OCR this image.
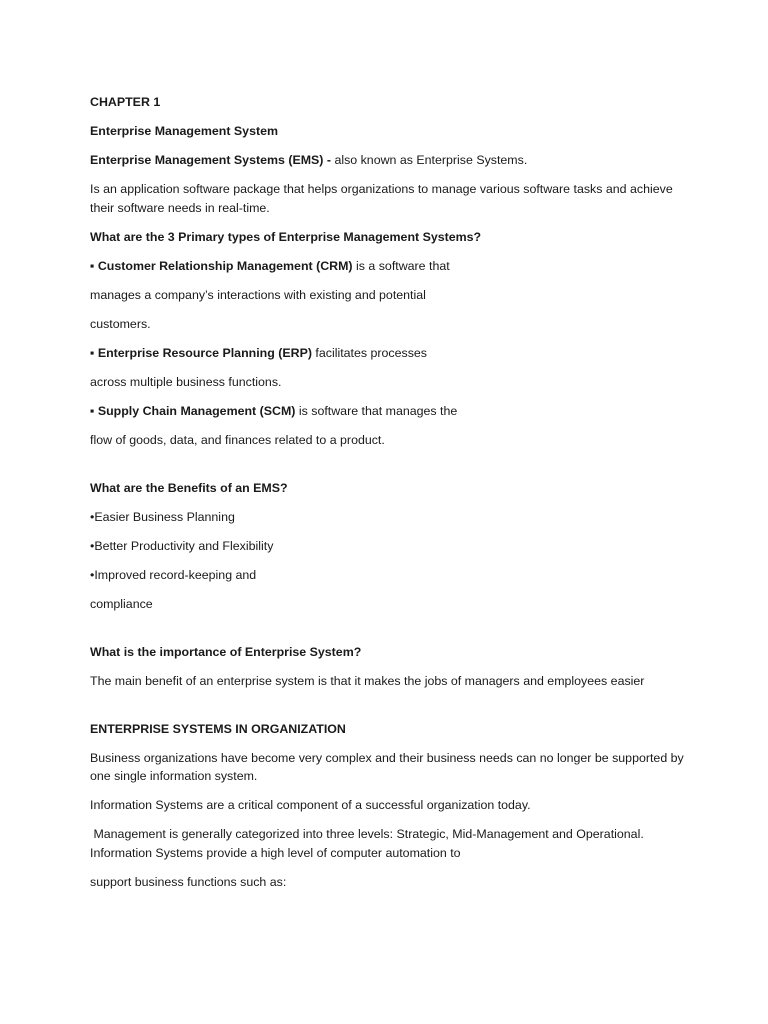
CHAPTER 1

Enterprise Management System

Enterprise Management Systems (EMS) - also known as Enterprise Systems.

Is an application software package that helps organizations to manage various software tasks and achieve their software needs in real-time.

What are the 3 Primary types of Enterprise Management Systems?

▪ Customer Relationship Management (CRM) is a software that

manages a company’s interactions with existing and potential

customers.

▪ Enterprise Resource Planning (ERP) facilitates processes

across multiple business functions.

▪ Supply Chain Management (SCM) is software that manages the

flow of goods, data, and finances related to a product.

What are the Benefits of an EMS?

•Easier Business Planning

•Better Productivity and Flexibility

•Improved record-keeping and

compliance

What is the importance of Enterprise System?

The main benefit of an enterprise system is that it makes the jobs of managers and employees easier

ENTERPRISE SYSTEMS IN ORGANIZATION

Business organizations have become very complex and their business needs can no longer be supported by one single information system.

Information Systems are a critical component of a successful organization today.

Management is generally categorized into three levels: Strategic, Mid-Management and Operational. Information Systems provide a high level of computer automation to

support business functions such as:
